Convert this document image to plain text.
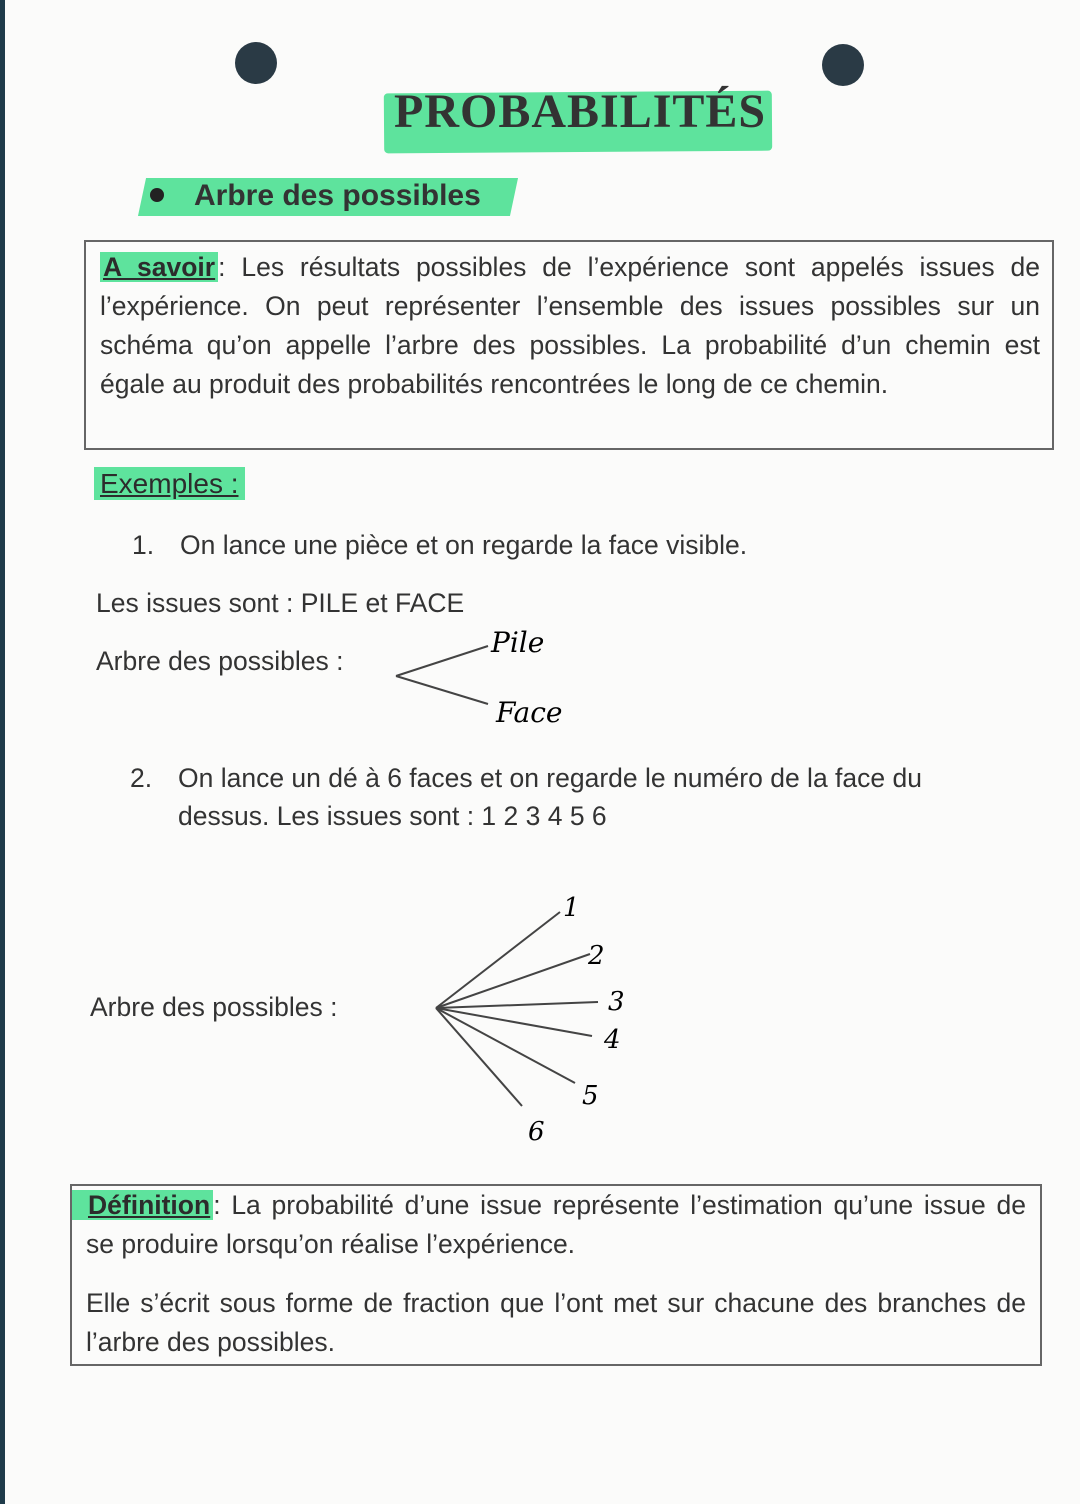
PROBABILITÉS
Arbre des possibles
A savoir : Les résultats possibles de l’expérience sont appelés issues de l’expérience. On peut représenter l’ensemble des issues possibles sur un schéma qu’on appelle l’arbre des possibles. La probabilité d’un chemin est égale au produit des probabilités rencontrées le long de ce chemin.
Exemples :
1. On lance une pièce et on regarde la face visible.
Les issues sont : PILE et FACE
Arbre des possibles :
Pile
Face
2. On lance un dé à 6 faces et on regarde le numéro de la face du
dessus. Les issues sont : 1 2 3 4 5 6
Arbre des possibles :
1
2
3
4
5
6
Définition : La probabilité d’une issue représente l’estimation qu’une issue de se produire lorsqu’on réalise l’expérience.
Elle s’écrit sous forme de fraction que l’ont met sur chacune des branches de l’arbre des possibles.
